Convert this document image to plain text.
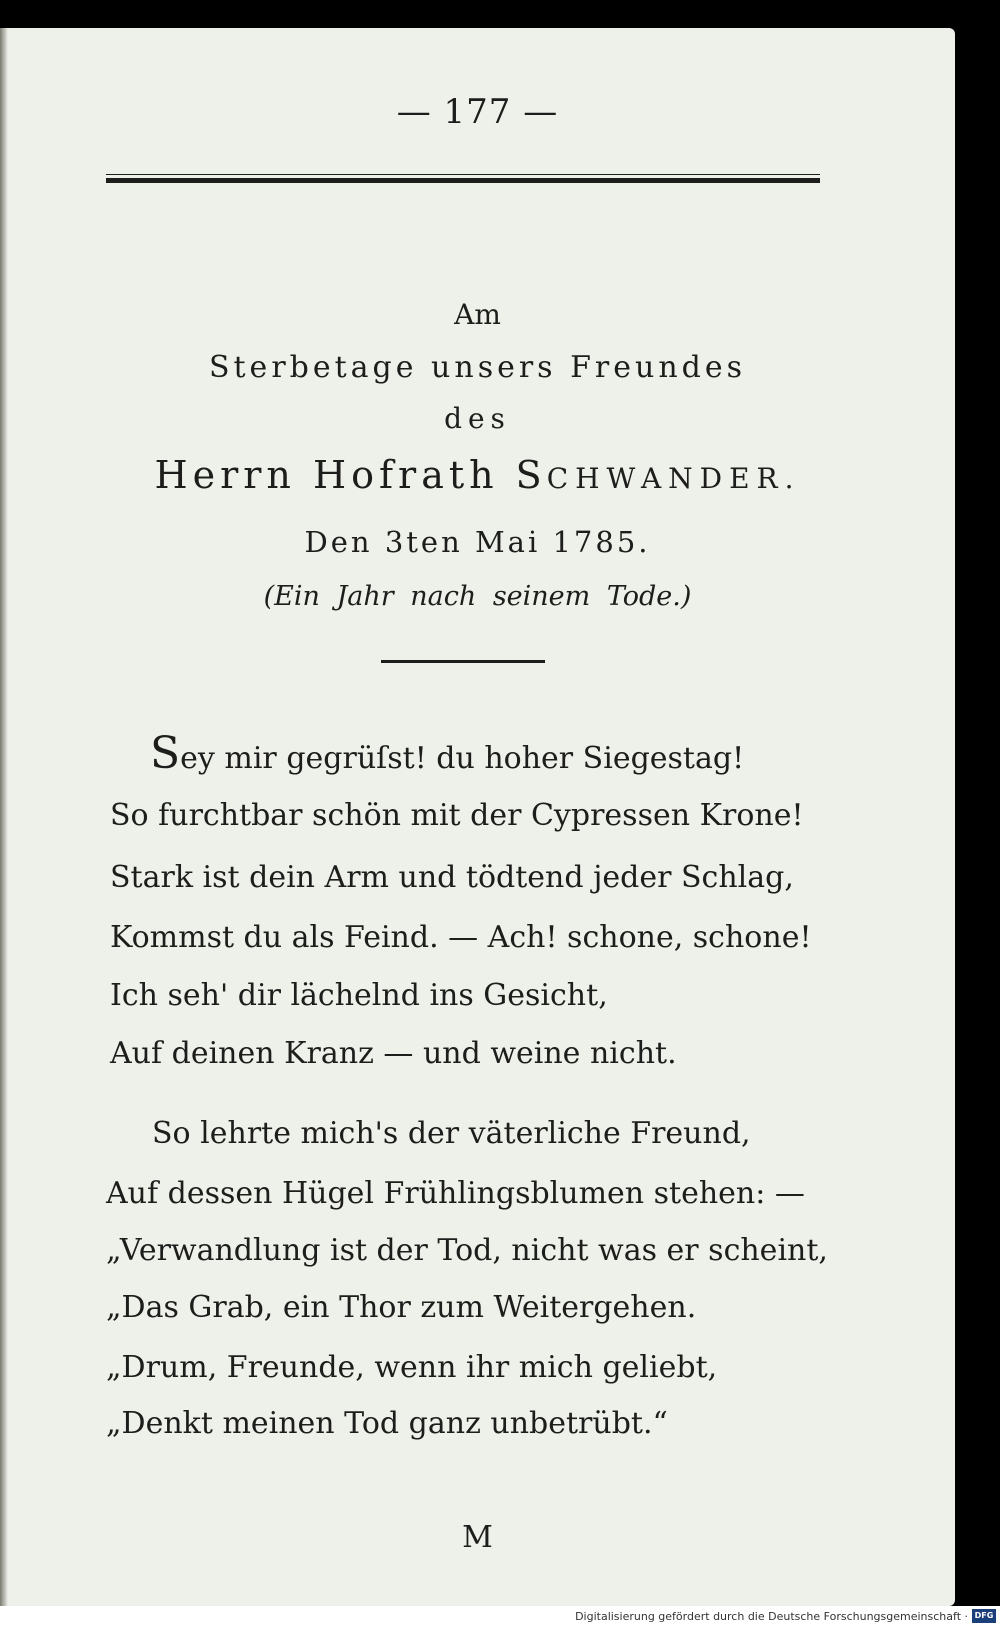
— 177 —
Am
Sterbetage unsers Freundes
des
Herrn Hofrath SCHWANDER.
Den 3ten Mai 1785.
(Ein Jahr nach seinem Tode.)
Sey mir gegrüſst! du hoher Siegestag!
So furchtbar schön mit der Cypressen Krone!
Stark ist dein Arm und tödtend jeder Schlag,
Kommst du als Feind. — Ach! schone, schone!
Ich seh' dir lächelnd ins Gesicht,
Auf deinen Kranz — und weine nicht.
So lehrte mich's der väterliche Freund,
Auf dessen Hügel Frühlingsblumen stehen: —
„Verwandlung ist der Tod, nicht was er scheint,
„Das Grab, ein Thor zum Weitergehen.
„Drum, Freunde, wenn ihr mich geliebt,
„Denkt meinen Tod ganz unbetrübt.“
M
Digitalisierung gefördert durch die Deutsche Forschungsgemeinschaft · DFG
